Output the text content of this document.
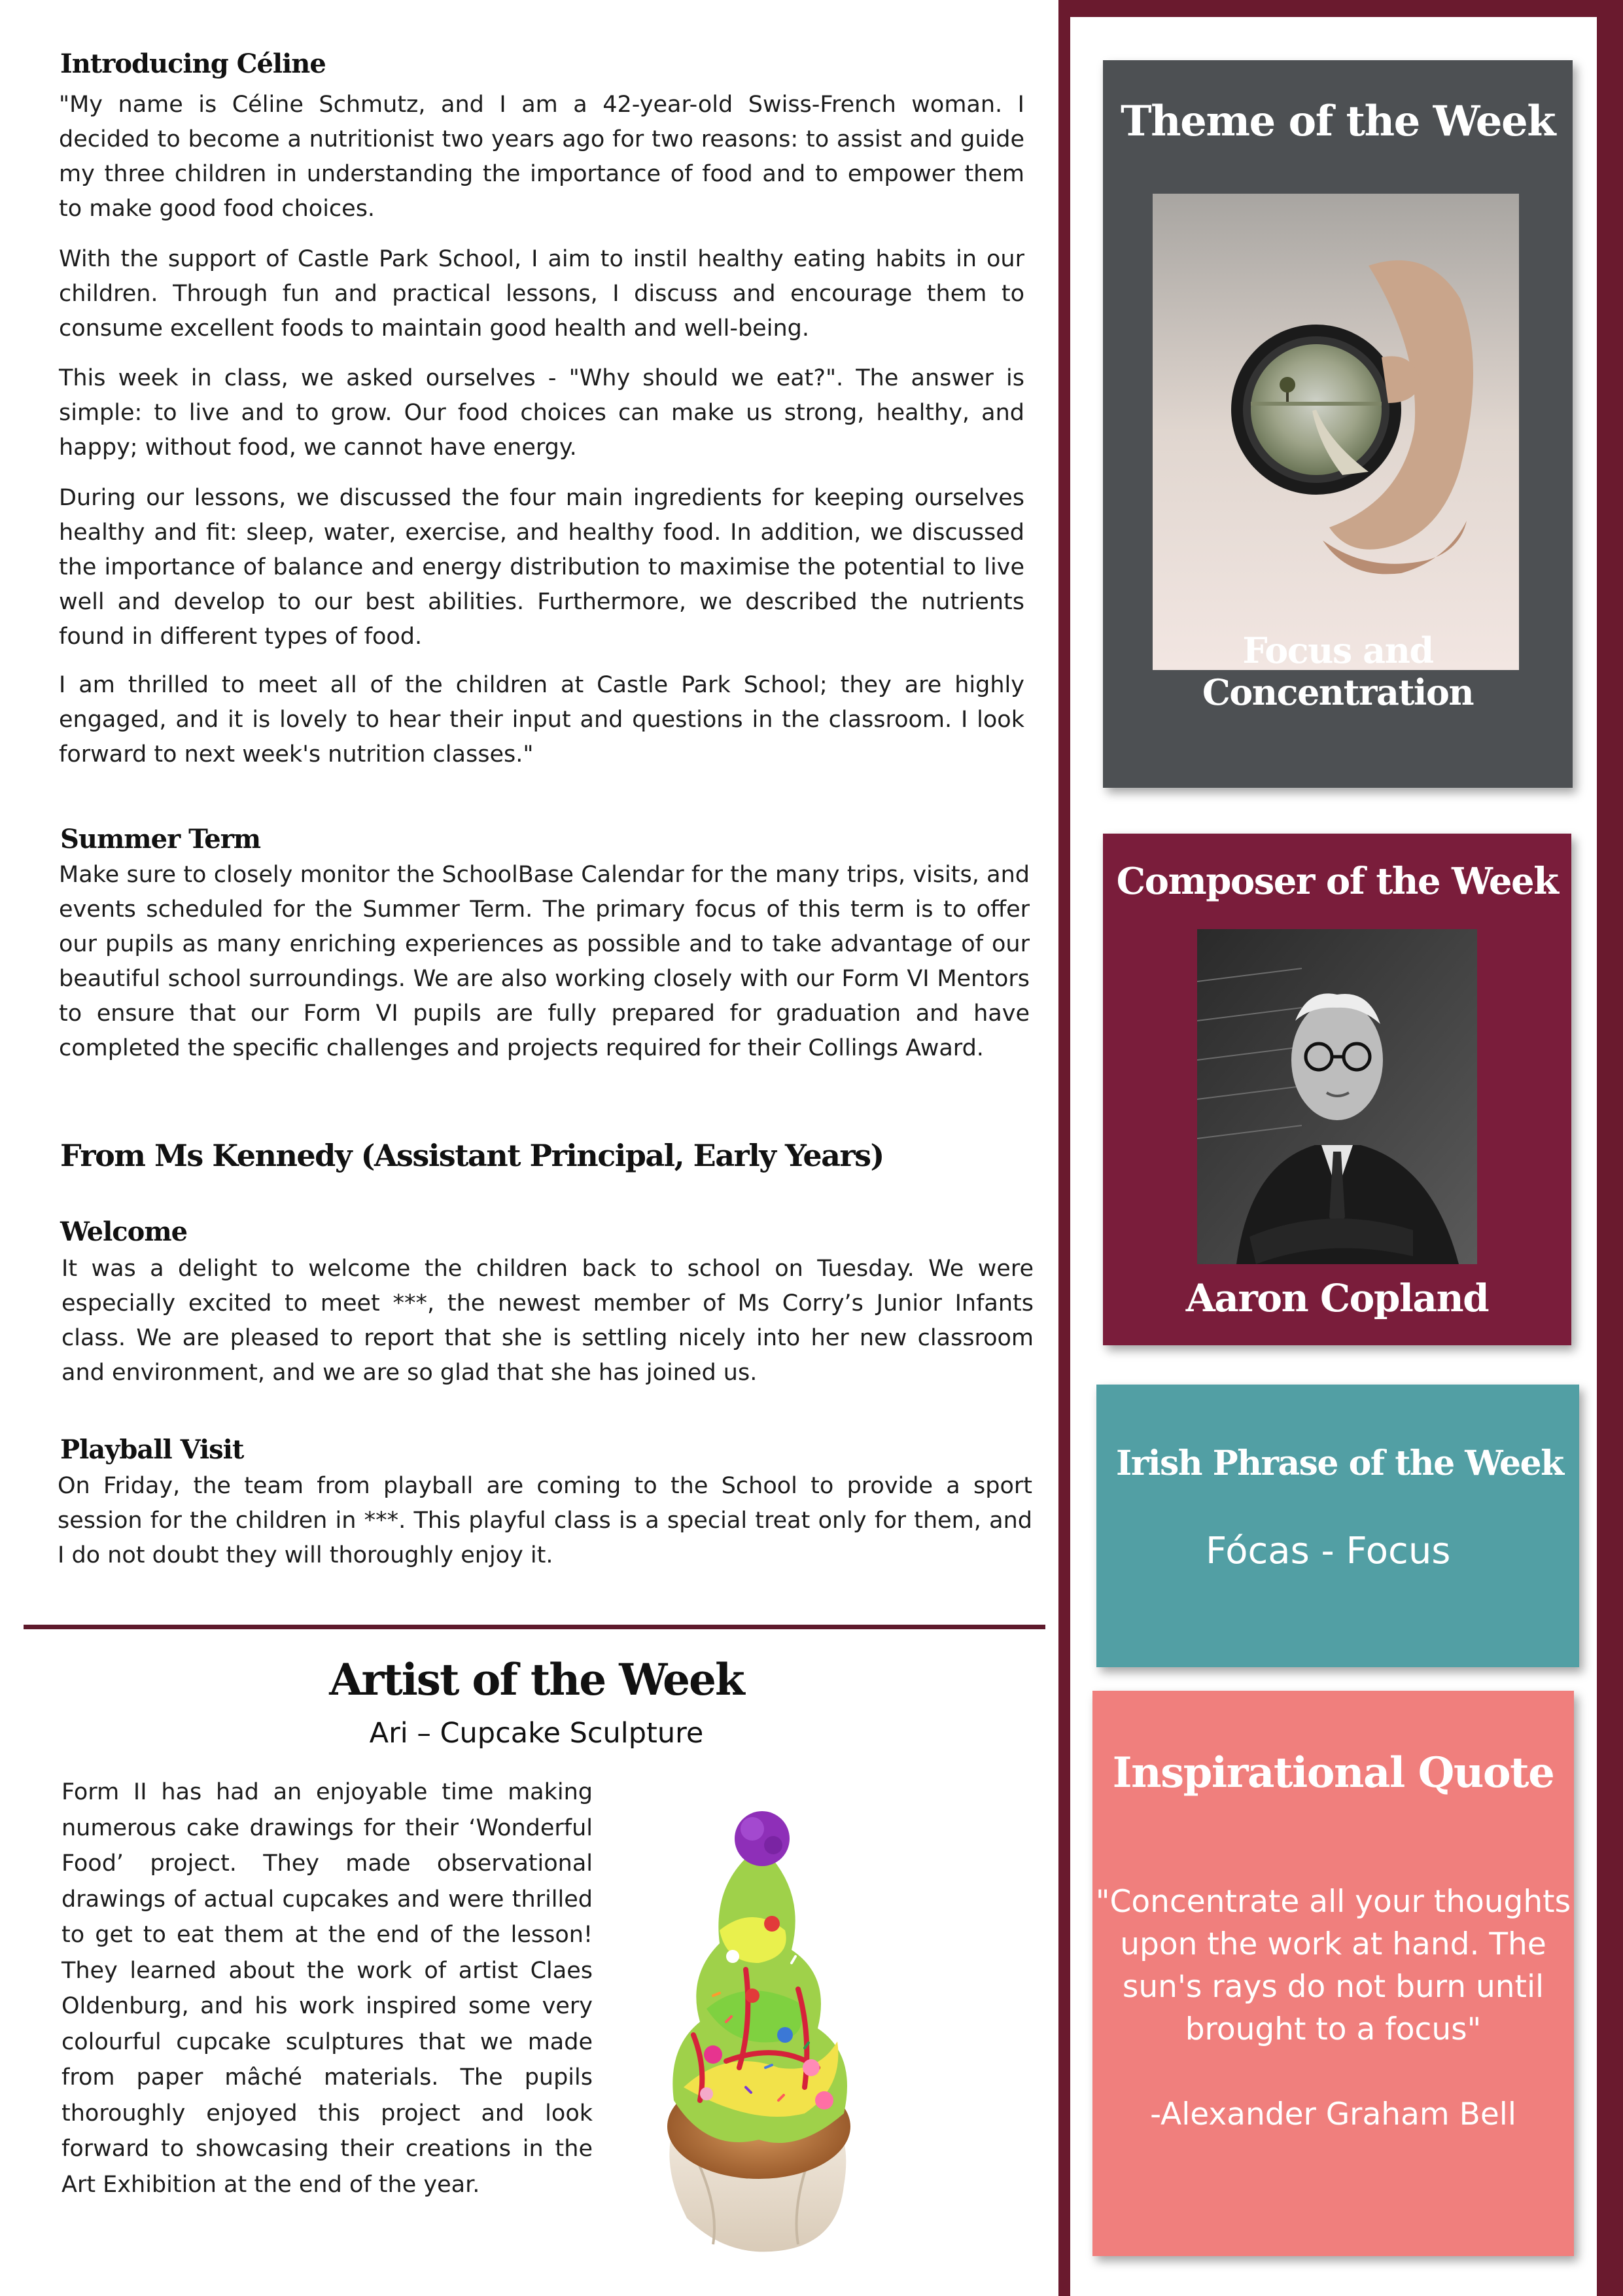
Introducing Céline

"My name is Céline Schmutz, and I am a 42-year-old Swiss-French woman. I decided to become a nutritionist two years ago for two reasons: to assist and guide my three children in understanding the importance of food and to empower them to make good food choices.

With the support of Castle Park School, I aim to instil healthy eating habits in our children. Through fun and practical lessons, I discuss and encourage them to consume excellent foods to maintain good health and well-being.

This week in class, we asked ourselves - "Why should we eat?". The answer is simple: to live and to grow. Our food choices can make us strong, healthy, and happy; without food, we cannot have energy.

During our lessons, we discussed the four main ingredients for keeping ourselves healthy and fit: sleep, water, exercise, and healthy food. In addition, we discussed the importance of balance and energy distribution to maximise the potential to live well and develop to our best abilities. Furthermore, we described the nutrients found in different types of food.

I am thrilled to meet all of the children at Castle Park School; they are highly engaged, and it is lovely to hear their input and questions in the classroom. I look forward to next week's nutrition classes."

Summer Term

Make sure to closely monitor the SchoolBase Calendar for the many trips, visits, and events scheduled for the Summer Term. The primary focus of this term is to offer our pupils as many enriching experiences as possible and to take advantage of our beautiful school surroundings. We are also working closely with our Form VI Mentors to ensure that our Form VI pupils are fully prepared for graduation and have completed the specific challenges and projects required for their Collings Award.

From Ms Kennedy (Assistant Principal, Early Years)
Welcome

It was a delight to welcome the children back to school on Tuesday. We were especially excited to meet ***, the newest member of Ms Corry’s Junior Infants class. We are pleased to report that she is settling nicely into her new classroom and environment, and we are so glad that she has joined us.

Playball Visit

On Friday, the team from playball are coming to the School to provide a sport session for the children in ***. This playful class is a special treat only for them, and I do not doubt they will thoroughly enjoy it.

Artist of the Week
Ari – Cupcake Sculpture

Form II has had an enjoyable time making numerous cake drawings for their ‘Wonderful Food’ project. They made observational drawings of actual cupcakes and were thrilled to get to eat them at the end of the lesson! They learned about the work of artist Claes Oldenburg, and his work inspired some very colourful cupcake sculptures that we made from paper mâché materials. The pupils thoroughly enjoyed this project and look forward to showcasing their creations in the Art Exhibition at the end of the year.

Theme of the Week
Focus and Concentration
Composer of the Week
Aaron Copland
Irish Phrase of the Week
Fócas - Focus
Inspirational Quote

"Concentrate all your thoughts

upon the work at hand. The

sun's rays do not burn until

brought to a focus"

-Alexander Graham Bell
